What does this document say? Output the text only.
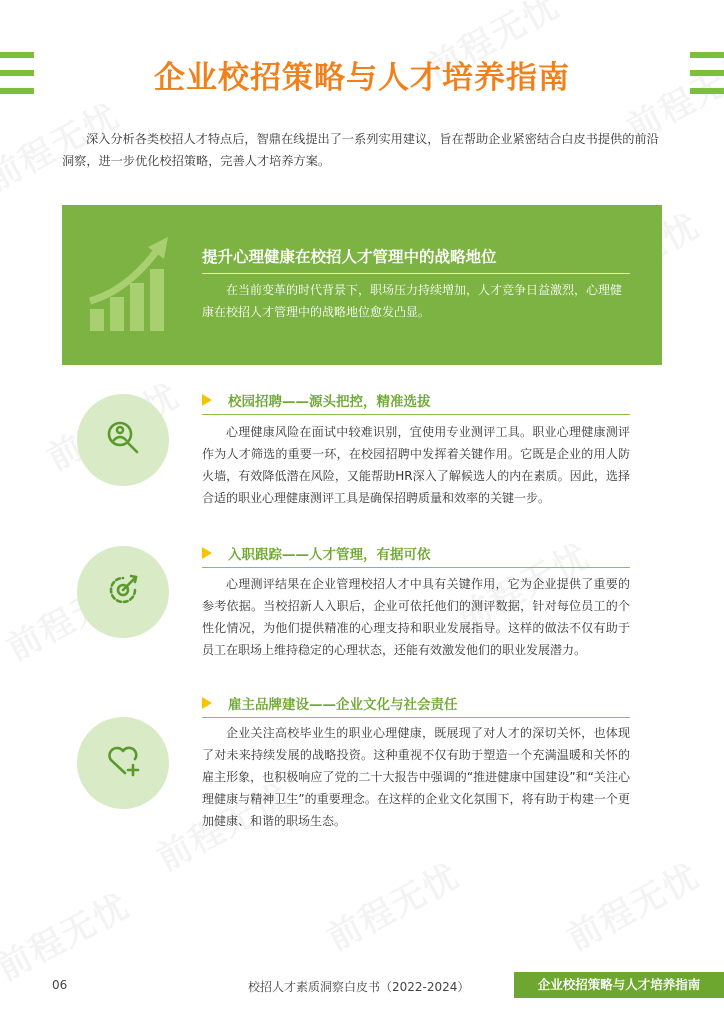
企业校招策略与人才培养指南

深入分析各类校招人才特点后，智鼎在线提出了一系列实用建议，旨在帮助企业紧密结合白皮书提供的前沿洞察，进一步优化校招策略，完善人才培养方案。

提升心理健康在校招人才管理中的战略地位

在当前变革的时代背景下，职场压力持续增加，人才竞争日益激烈，心理健康在校招人才管理中的战略地位愈发凸显。

校园招聘——源头把控，精准选拔

心理健康风险在面试中较难识别，宜使用专业测评工具。职业心理健康测评作为人才筛选的重要一环，在校园招聘中发挥着关键作用。它既是企业的用人防火墙，有效降低潜在风险，又能帮助HR深入了解候选人的内在素质。因此，选择合适的职业心理健康测评工具是确保招聘质量和效率的关键一步。

入职跟踪——人才管理，有据可依

心理测评结果在企业管理校招人才中具有关键作用，它为企业提供了重要的参考依据。当校招新人入职后，企业可依托他们的测评数据，针对每位员工的个性化情况，为他们提供精准的心理支持和职业发展指导。这样的做法不仅有助于员工在职场上维持稳定的心理状态，还能有效激发他们的职业发展潜力。

雇主品牌建设——企业文化与社会责任

企业关注高校毕业生的职业心理健康，既展现了对人才的深切关怀，也体现了对未来持续发展的战略投资。这种重视不仅有助于塑造一个充满温暖和关怀的雇主形象，也积极响应了党的二十大报告中强调的“推进健康中国建设”和“关注心理健康与精神卫生”的重要理念。在这样的企业文化氛围下，将有助于构建一个更加健康、和谐的职场生态。

06	校招人才素质洞察白皮书（2022-2024）	企业校招策略与人才培养指南
